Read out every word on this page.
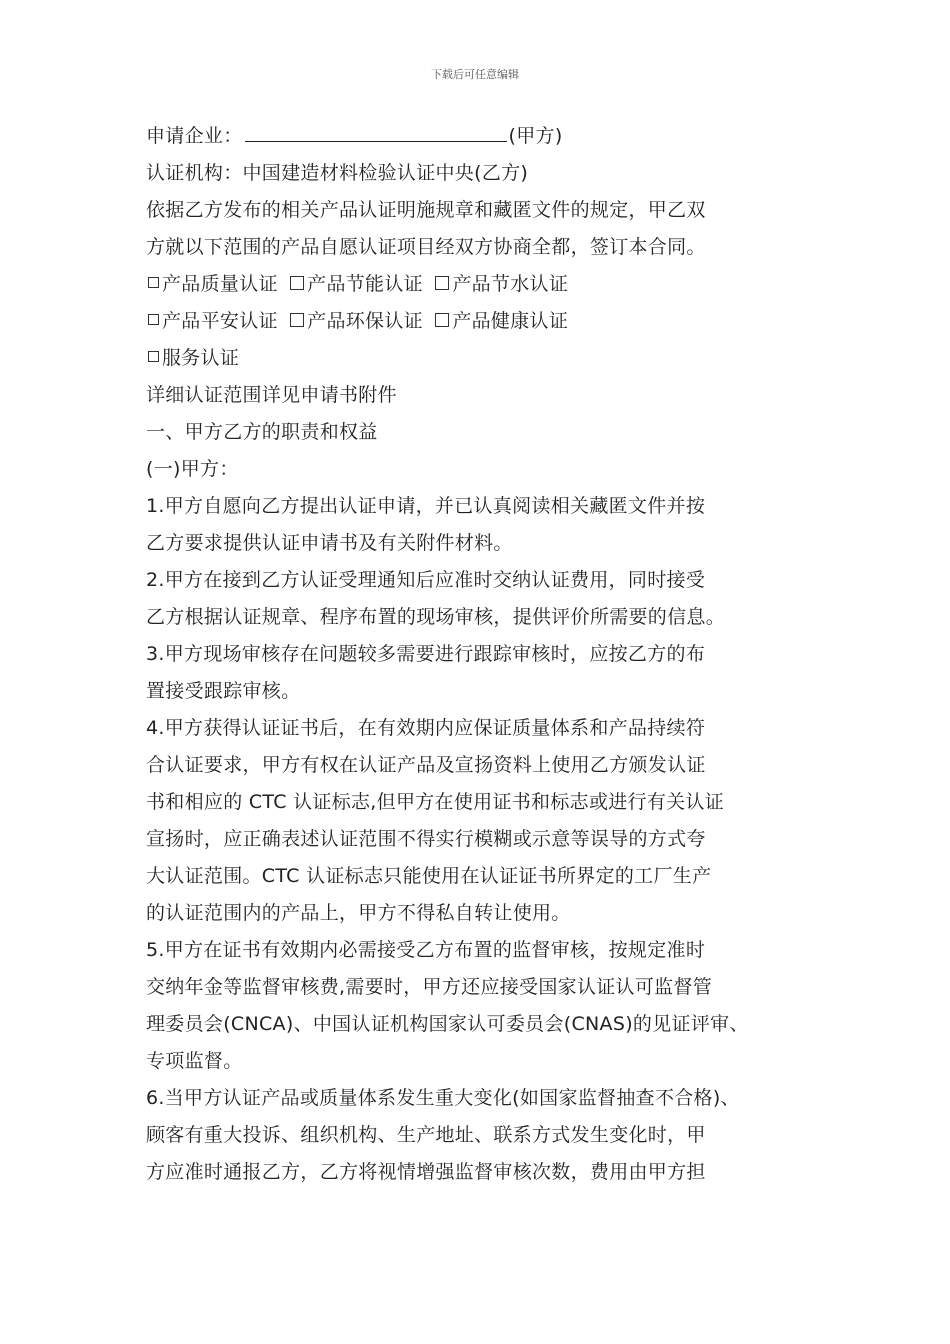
下载后可任意编辑
申请企业：	(甲方)
认证机构：中国建造材料检验认证中央(乙方)
依据乙方发布的相关产品认证明施规章和藏匿文件的规定，甲乙双
方就以下范围的产品自愿认证项目经双方协商全都，签订本合同。
产品质量认证 产品节能认证 产品节水认证
产品平安认证 产品环保认证 产品健康认证
服务认证
详细认证范围详见申请书附件
一、甲方乙方的职责和权益
(一)甲方：
1.甲方自愿向乙方提出认证申请，并已认真阅读相关藏匿文件并按
乙方要求提供认证申请书及有关附件材料。
2.甲方在接到乙方认证受理通知后应准时交纳认证费用，同时接受
乙方根据认证规章、程序布置的现场审核，提供评价所需要的信息。
3.甲方现场审核存在问题较多需要进行跟踪审核时，应按乙方的布
置接受跟踪审核。
4.甲方获得认证证书后，在有效期内应保证质量体系和产品持续符
合认证要求，甲方有权在认证产品及宣扬资料上使用乙方颁发认证
书和相应的 CTC 认证标志,但甲方在使用证书和标志或进行有关认证
宣扬时，应正确表述认证范围不得实行模糊或示意等误导的方式夸
大认证范围。CTC 认证标志只能使用在认证证书所界定的工厂生产
的认证范围内的产品上，甲方不得私自转让使用。
5.甲方在证书有效期内必需接受乙方布置的监督审核，按规定准时
交纳年金等监督审核费,需要时，甲方还应接受国家认证认可监督管
理委员会(CNCA)、中国认证机构国家认可委员会(CNAS)的见证评审、
专项监督。
6.当甲方认证产品或质量体系发生重大变化(如国家监督抽查不合格)、
顾客有重大投诉、组织机构、生产地址、联系方式发生变化时，甲
方应准时通报乙方，乙方将视情增强监督审核次数，费用由甲方担
